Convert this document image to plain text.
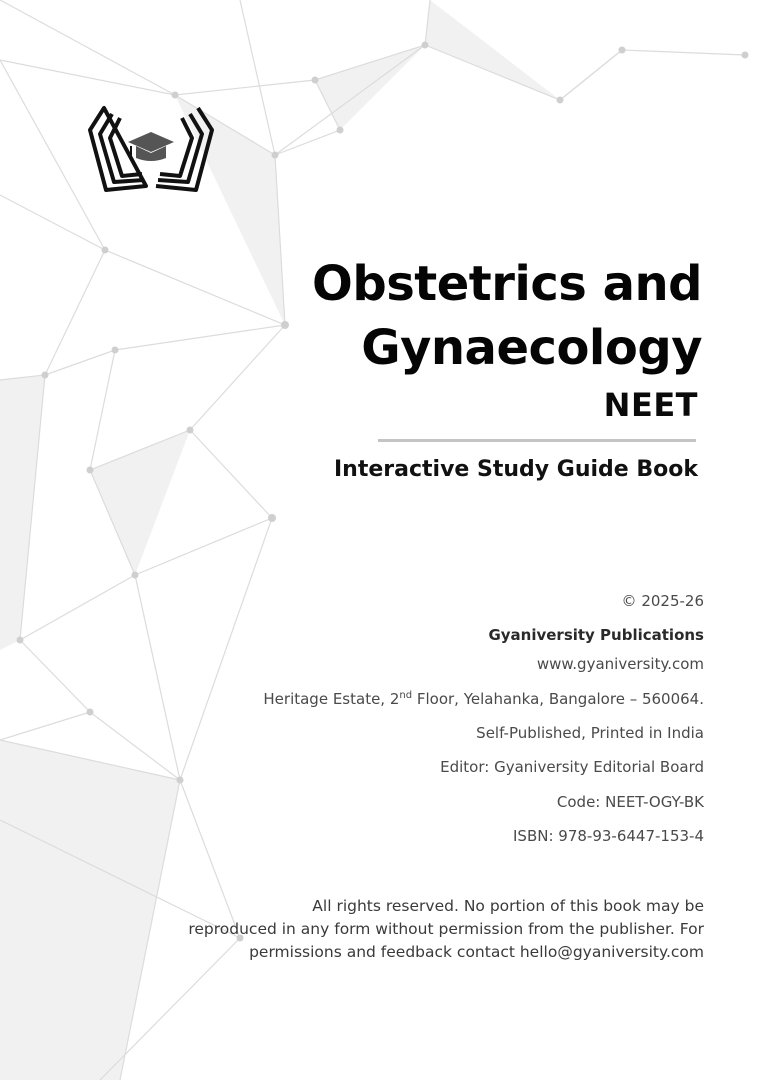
Obstetrics and
Gynaecology
NEET
Interactive Study Guide Book
© 2025-26
Gyaniversity Publications
www.gyaniversity.com
Heritage Estate, 2nd Floor, Yelahanka, Bangalore – 560064.
Self-Published, Printed in India
Editor: Gyaniversity Editorial Board
Code: NEET-OGY-BK
ISBN: 978-93-6447-153-4
All rights reserved. No portion of this book may be
reproduced in any form without permission from the publisher. For
permissions and feedback contact hello@gyaniversity.com
